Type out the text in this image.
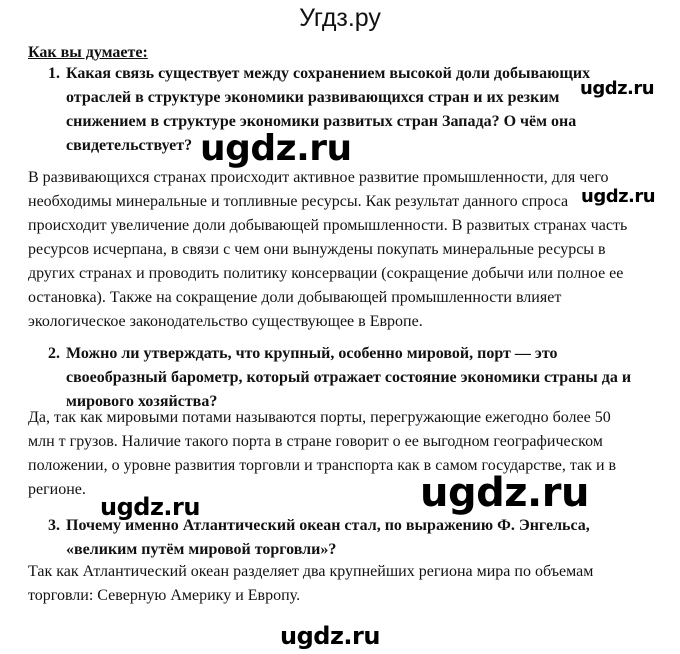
Угдз.ру
Как вы думаете:
1. Какая связь существует между сохранением высокой доли добывающих
отраслей в структуре экономики развивающихся стран и их резким
снижением в структуре экономики развитых стран Запада? О чём она
свидетельствует?
В развивающихся странах происходит активное развитие промышленности, для чего
необходимы минеральные и топливные ресурсы. Как результат данного спроса
происходит увеличение доли добывающей промышленности. В развитых странах часть
ресурсов исчерпана, в связи с чем они вынуждены покупать минеральные ресурсы в
других странах и проводить политику консервации (сокращение добычи или полное ее
остановка). Также на сокращение доли добывающей промышленности влияет
экологическое законодательство существующее в Европе.
2. Можно ли утверждать, что крупный, особенно мировой, порт — это
своеобразный барометр, который отражает состояние экономики страны да и
мирового хозяйства?
Да, так как мировыми потами называются порты, перегружающие ежегодно более 50
млн т грузов. Наличие такого порта в стране говорит о ее выгодном географическом
положении, о уровне развития торговли и транспорта как в самом государстве, так и в
регионе.
3. Почему именно Атлантический океан стал, по выражению Ф. Энгельса,
«великим путём мировой торговли»?
Так как Атлантический океан разделяет два крупнейших региона мира по объемам
торговли: Северную Америку и Европу.
ugdz.ru
ugdz.ru
ugdz.ru
ugdz.ru	ugdz.ru
ugdz.ru
